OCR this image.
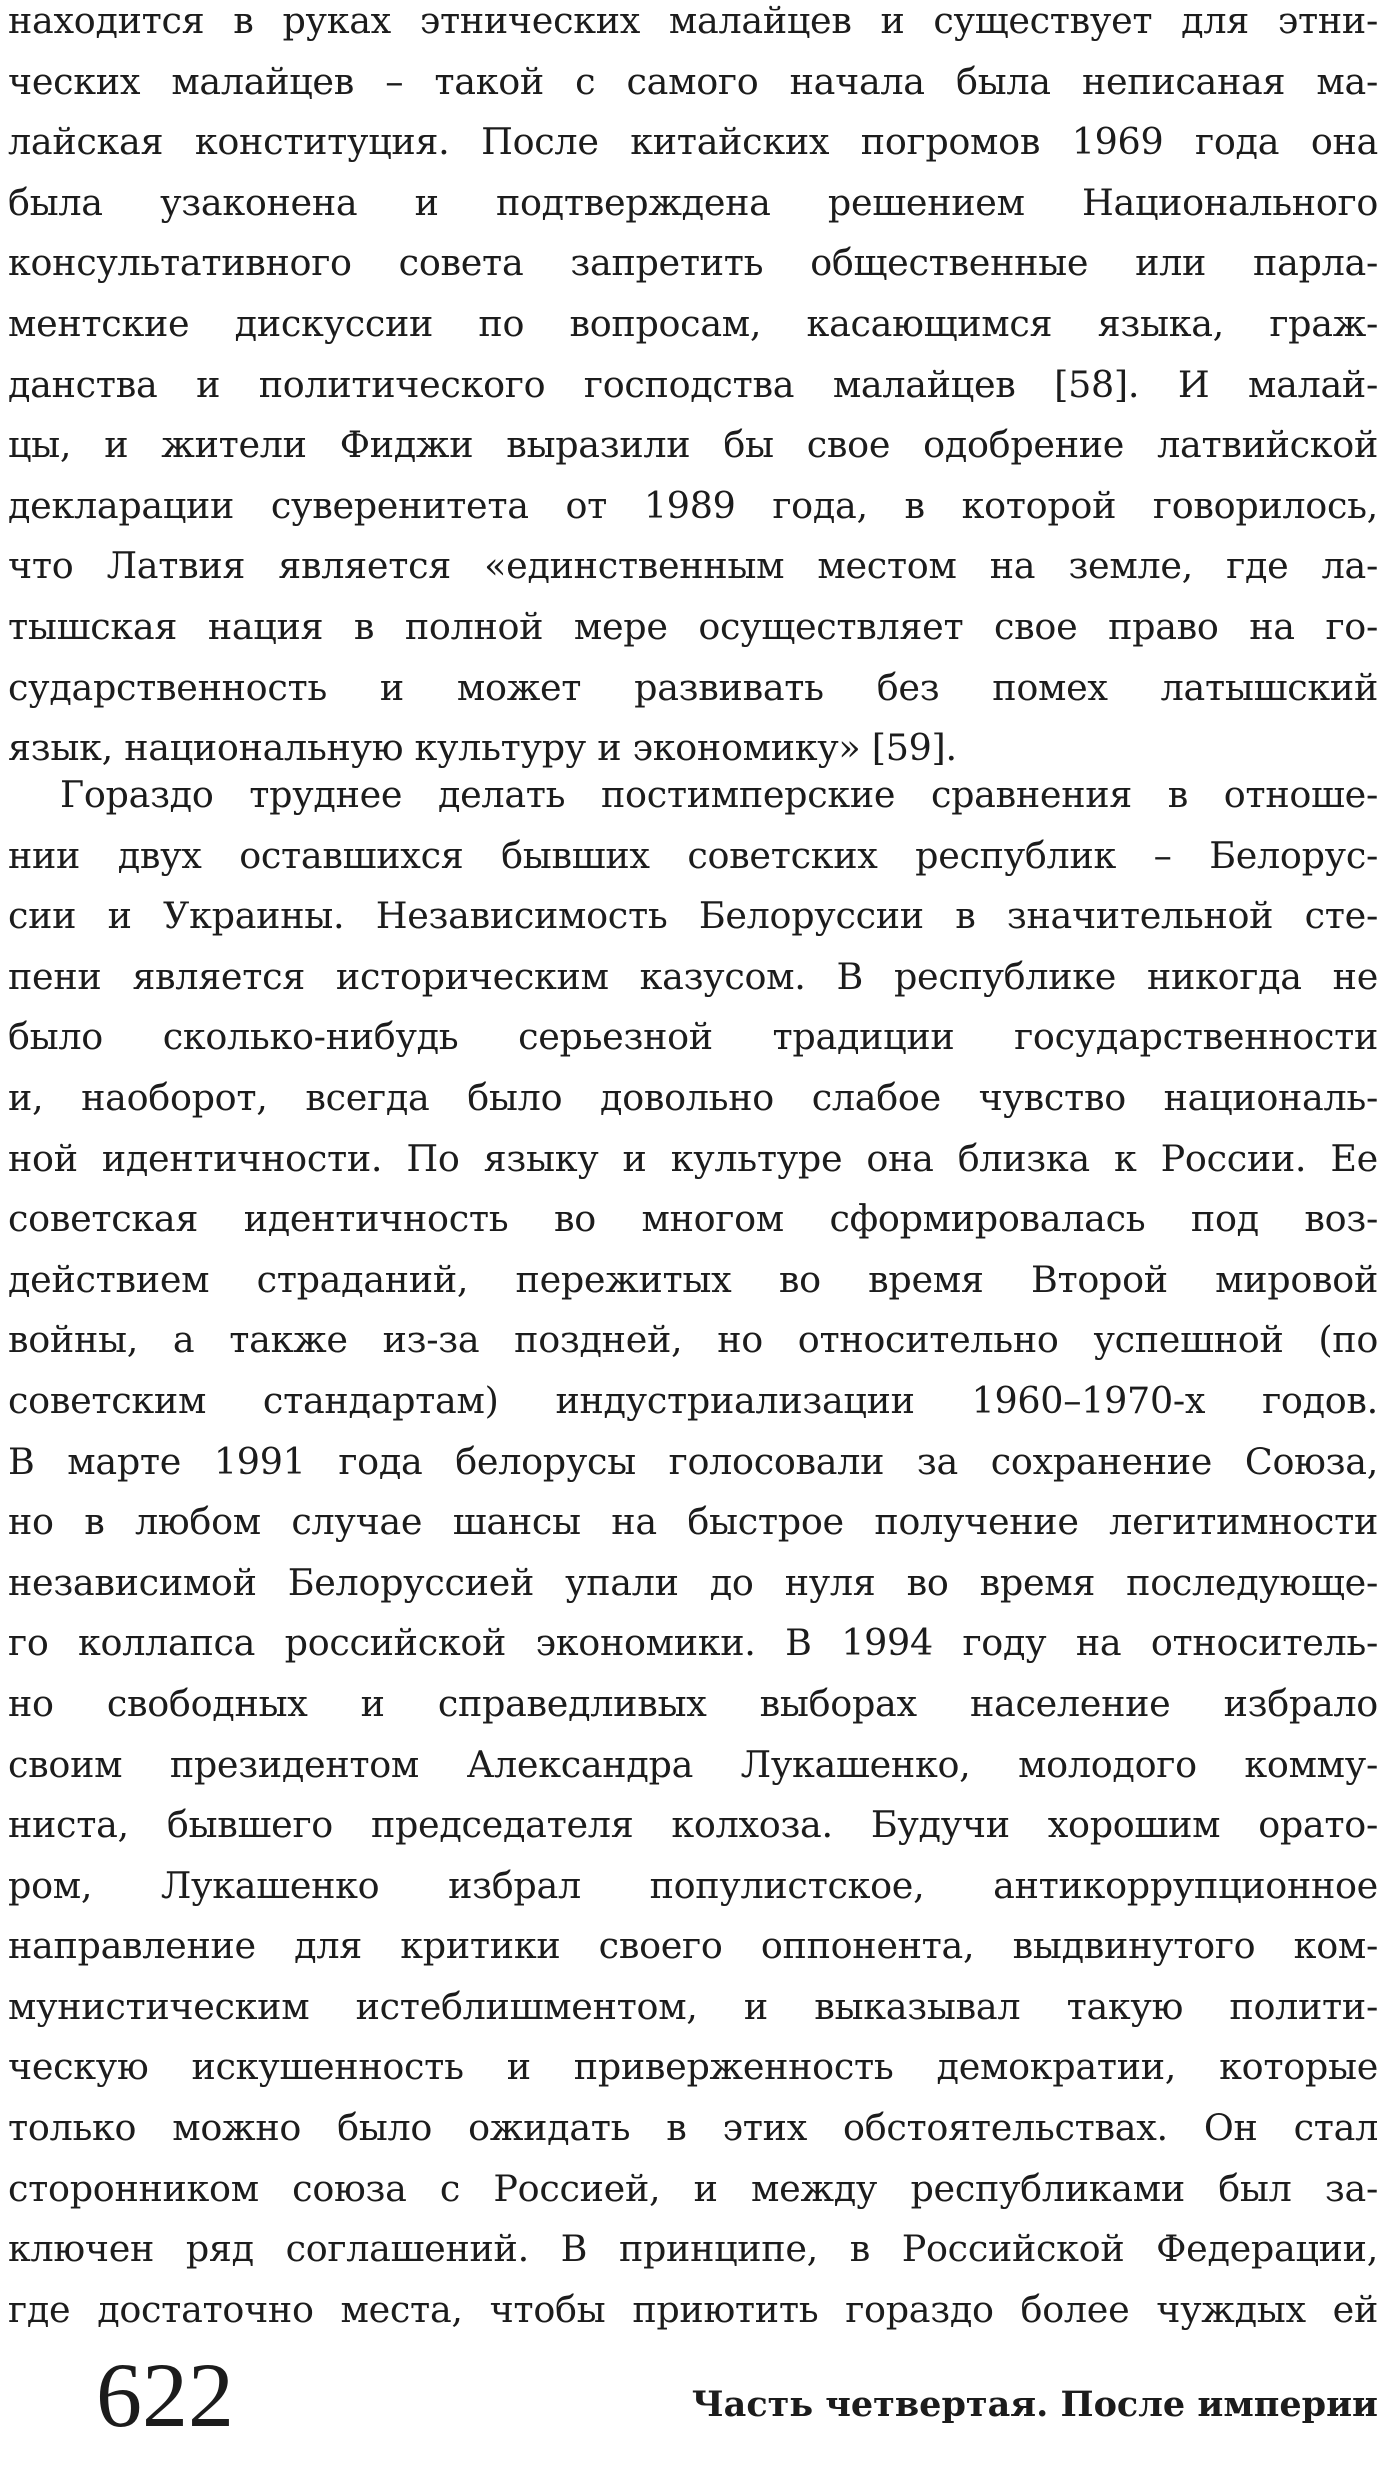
находится в руках этнических малайцев и существует для этни-
ческих малайцев – такой с самого начала была неписаная ма-
лайская конституция. После китайских погромов 1969 года она
была узаконена и подтверждена решением Национального
консультативного совета запретить общественные или парла-
ментские дискуссии по вопросам, касающимся языка, граж-
данства и политического господства малайцев [58]. И малай-
цы, и жители Фиджи выразили бы свое одобрение латвийской
декларации суверенитета от 1989 года, в которой говорилось,
что Латвия является «единственным местом на земле, где ла-
тышская нация в полной мере осуществляет свое право на го-
сударственность и может развивать без помех латышский
язык, национальную культуру и экономику» [59].
Гораздо труднее делать постимперские сравнения в отноше-
нии двух оставшихся бывших советских республик – Белорус-
сии и Украины. Независимость Белоруссии в значительной сте-
пени является историческим казусом. В республике никогда не
было сколько-нибудь серьезной традиции государственности
и, наоборот, всегда было довольно слабое чувство националь-
ной идентичности. По языку и культуре она близка к России. Ее
советская идентичность во многом сформировалась под воз-
действием страданий, пережитых во время Второй мировой
войны, а также из-за поздней, но относительно успешной (по
советским стандартам) индустриализации 1960–1970-х годов.
В марте 1991 года белорусы голосовали за сохранение Союза,
но в любом случае шансы на быстрое получение легитимности
независимой Белоруссией упали до нуля во время последующе-
го коллапса российской экономики. В 1994 году на относитель-
но свободных и справедливых выборах население избрало
своим президентом Александра Лукашенко, молодого комму-
ниста, бывшего председателя колхоза. Будучи хорошим орато-
ром, Лукашенко избрал популистское, антикоррупционное
направление для критики своего оппонента, выдвинутого ком-
мунистическим истеблишментом, и выказывал такую полити-
ческую искушенность и приверженность демократии, которые
только можно было ожидать в этих обстоятельствах. Он стал
сторонником союза с Россией, и между республиками был за-
ключен ряд соглашений. В принципе, в Российской Федерации,
где достаточно места, чтобы приютить гораздо более чуждых ей
622	Часть четвертая. После империи
